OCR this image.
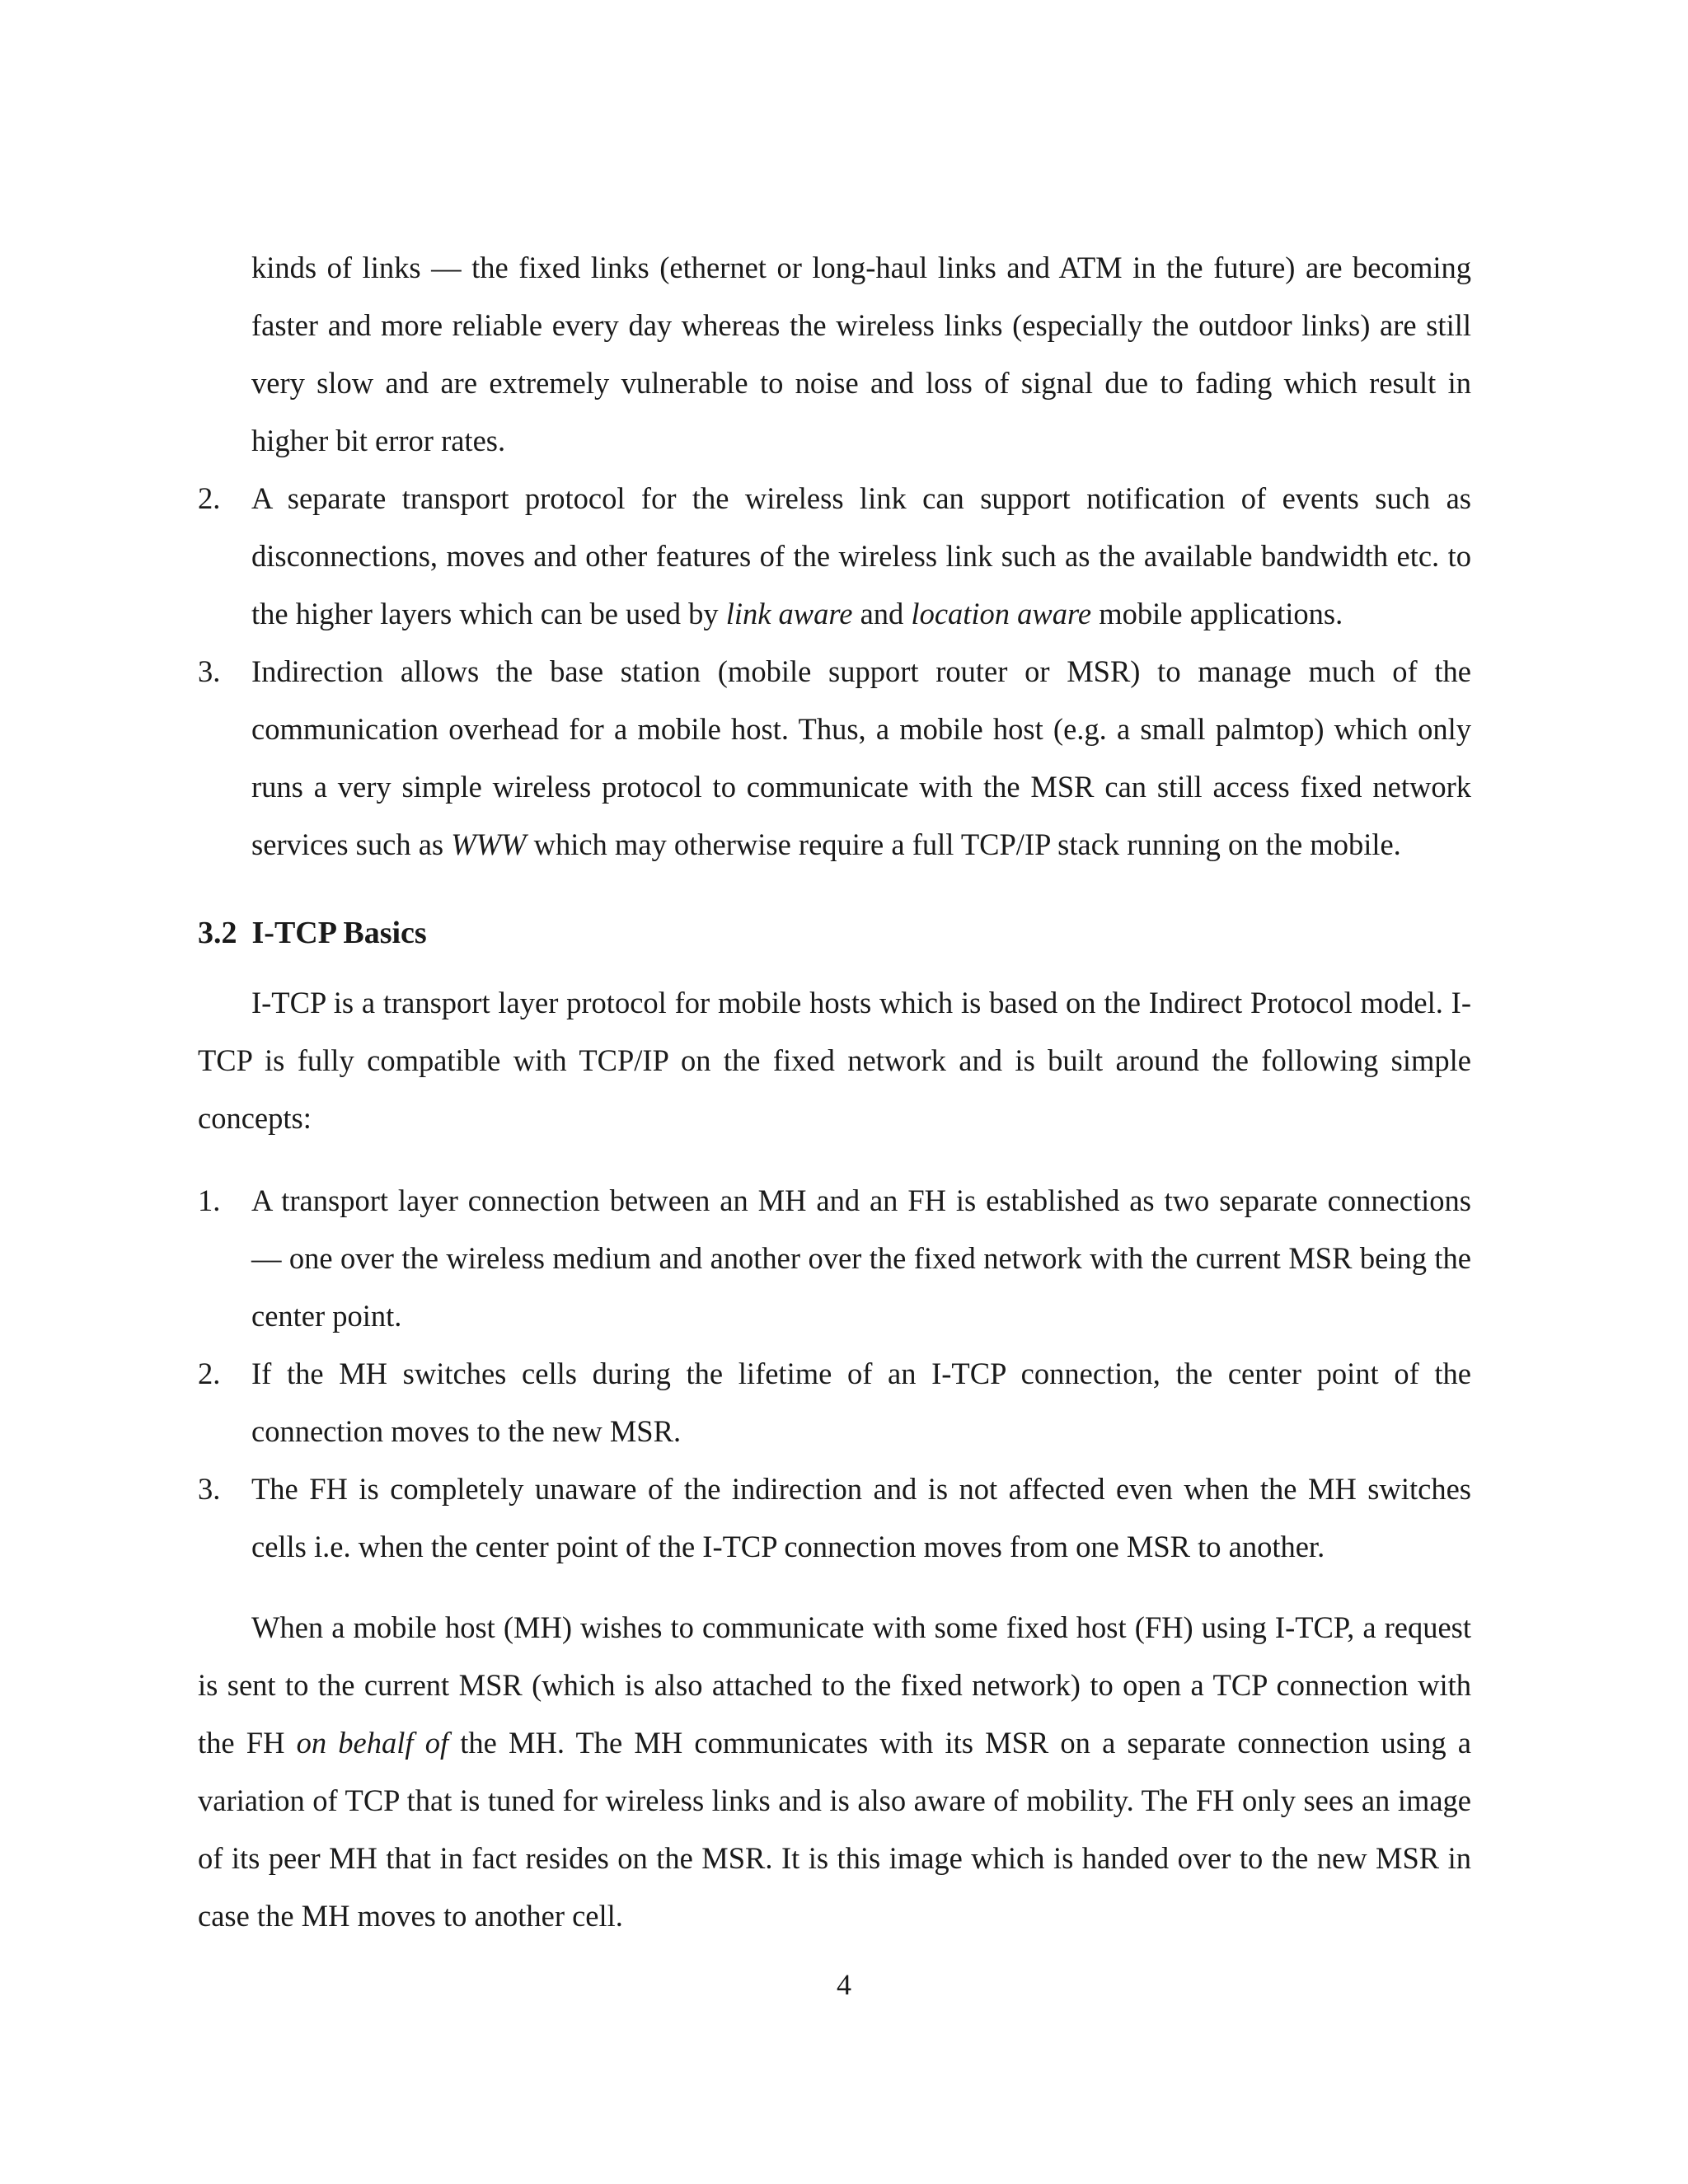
kinds of links — the fixed links (ethernet or long-haul links and ATM in the future) are becoming faster and more reliable every day whereas the wireless links (especially the outdoor links) are still very slow and are extremely vulnerable to noise and loss of signal due to fading which result in higher bit error rates.

2. A separate transport protocol for the wireless link can support notification of events such as disconnections, moves and other features of the wireless link such as the available bandwidth etc. to the higher layers which can be used by link aware and location aware mobile applications.
3. Indirection allows the base station (mobile support router or MSR) to manage much of the communication overhead for a mobile host. Thus, a mobile host (e.g. a small palmtop) which only runs a very simple wireless protocol to communicate with the MSR can still access fixed network services such as WWW which may otherwise require a full TCP/IP stack running on the mobile.
3.2 I-TCP Basics

I-TCP is a transport layer protocol for mobile hosts which is based on the Indirect Protocol model. I-TCP is fully compatible with TCP/IP on the fixed network and is built around the following simple concepts:

1. A transport layer connection between an MH and an FH is established as two separate connections — one over the wireless medium and another over the fixed network with the current MSR being the center point.
2. If the MH switches cells during the lifetime of an I-TCP connection, the center point of the connection moves to the new MSR.
3. The FH is completely unaware of the indirection and is not affected even when the MH switches cells i.e. when the center point of the I-TCP connection moves from one MSR to another.

When a mobile host (MH) wishes to communicate with some fixed host (FH) using I-TCP, a request is sent to the current MSR (which is also attached to the fixed network) to open a TCP connection with the FH on behalf of the MH. The MH communicates with its MSR on a separate connection using a variation of TCP that is tuned for wireless links and is also aware of mobility. The FH only sees an image of its peer MH that in fact resides on the MSR. It is this image which is handed over to the new MSR in case the MH moves to another cell.

4
